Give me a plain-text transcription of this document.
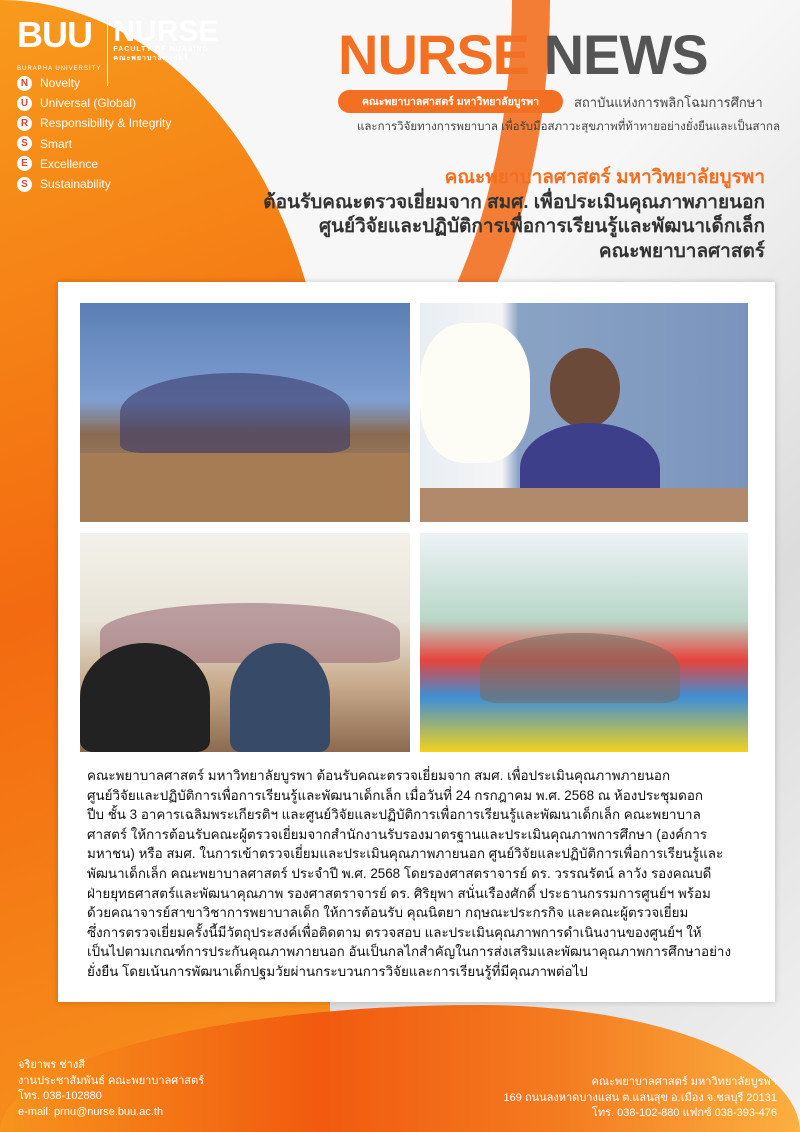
BUU
BURAPHA UNIVERSITY
NURSE
FACULTY OF NURSING
คณะพยาบาลศาสตร์
N Novelty
U Universal (Global)
R Responsibility & Integrity
S	Smart
E	Excellence
S	Sustainability
NURSE NEWS
คณะพยาบาลศาสตร์ มหาวิทยาลัยบูรพา	สถาบันแห่งการพลิกโฉมการศึกษา
และการวิจัยทางการพยาบาล เพื่อรับมือสภาวะสุขภาพที่ท้าทายอย่างยั่งยืนและเป็นสากล
คณะพยาบาลศาสตร์ มหาวิทยาลัยบูรพา
ต้อนรับคณะตรวจเยี่ยมจาก สมศ. เพื่อประเมินคุณภาพภายนอก
ศูนย์วิจัยและปฏิบัติการเพื่อการเรียนรู้และพัฒนาเด็กเล็ก
คณะพยาบาลศาสตร์
คณะพยาบาลศาสตร์ มหาวิทยาลัยบูรพา ต้อนรับคณะตรวจเยี่ยมจาก สมศ. เพื่อประเมินคุณภาพภายนอก
ศูนย์วิจัยและปฏิบัติการเพื่อการเรียนรู้และพัฒนาเด็กเล็ก เมื่อวันที่ 24 กรกฎาคม พ.ศ. 2568 ณ ห้องประชุมดอก
ปีบ ชั้น 3 อาคารเฉลิมพระเกียรติฯ และศูนย์วิจัยและปฏิบัติการเพื่อการเรียนรู้และพัฒนาเด็กเล็ก คณะพยาบาล
ศาสตร์ ให้การต้อนรับคณะผู้ตรวจเยี่ยมจากสำนักงานรับรองมาตรฐานและประเมินคุณภาพการศึกษา (องค์การ
มหาชน) หรือ สมศ. ในการเข้าตรวจเยี่ยมและประเมินคุณภาพภายนอก ศูนย์วิจัยและปฏิบัติการเพื่อการเรียนรู้และ
พัฒนาเด็กเล็ก คณะพยาบาลศาสตร์ ประจำปี พ.ศ. 2568 โดยรองศาสตราจารย์ ดร. วรรณรัตน์ ลาวัง รองคณบดี
ฝ่ายยุทธศาสตร์และพัฒนาคุณภาพ รองศาสตราจารย์ ดร. ศิริยุพา สนั่นเรืองศักดิ์ ประธานกรรมการศูนย์ฯ พร้อม
ด้วยคณาจารย์สาขาวิชาการพยาบาลเด็ก ให้การต้อนรับ คุณนิตยา กฤษณะประกรกิจ และคณะผู้ตรวจเยี่ยม
ซึ่งการตรวจเยี่ยมครั้งนี้มีวัตถุประสงค์เพื่อติดตาม ตรวจสอบ และประเมินคุณภาพการดำเนินงานของศูนย์ฯ ให้
เป็นไปตามเกณฑ์การประกันคุณภาพภายนอก อันเป็นกลไกสำคัญในการส่งเสริมและพัฒนาคุณภาพการศึกษาอย่าง
ยั่งยืน โดยเน้นการพัฒนาเด็กปฐมวัยผ่านกระบวนการวิจัยและการเรียนรู้ที่มีคุณภาพต่อไป
จริยาพร ช่างสี
งานประชาสัมพันธ์ คณะพยาบาลศาสตร์
โทร. 038-102880
e-mail: prnu@nurse.buu.ac.th
คณะพยาบาลศาสตร์ มหาวิทยาลัยบูรพา
169 ถนนลงหาดบางแสน ต.แสนสุข อ.เมือง จ.ชลบุรี 20131
โทร. 038-102-880 แฟกซ์ 038-393-476
